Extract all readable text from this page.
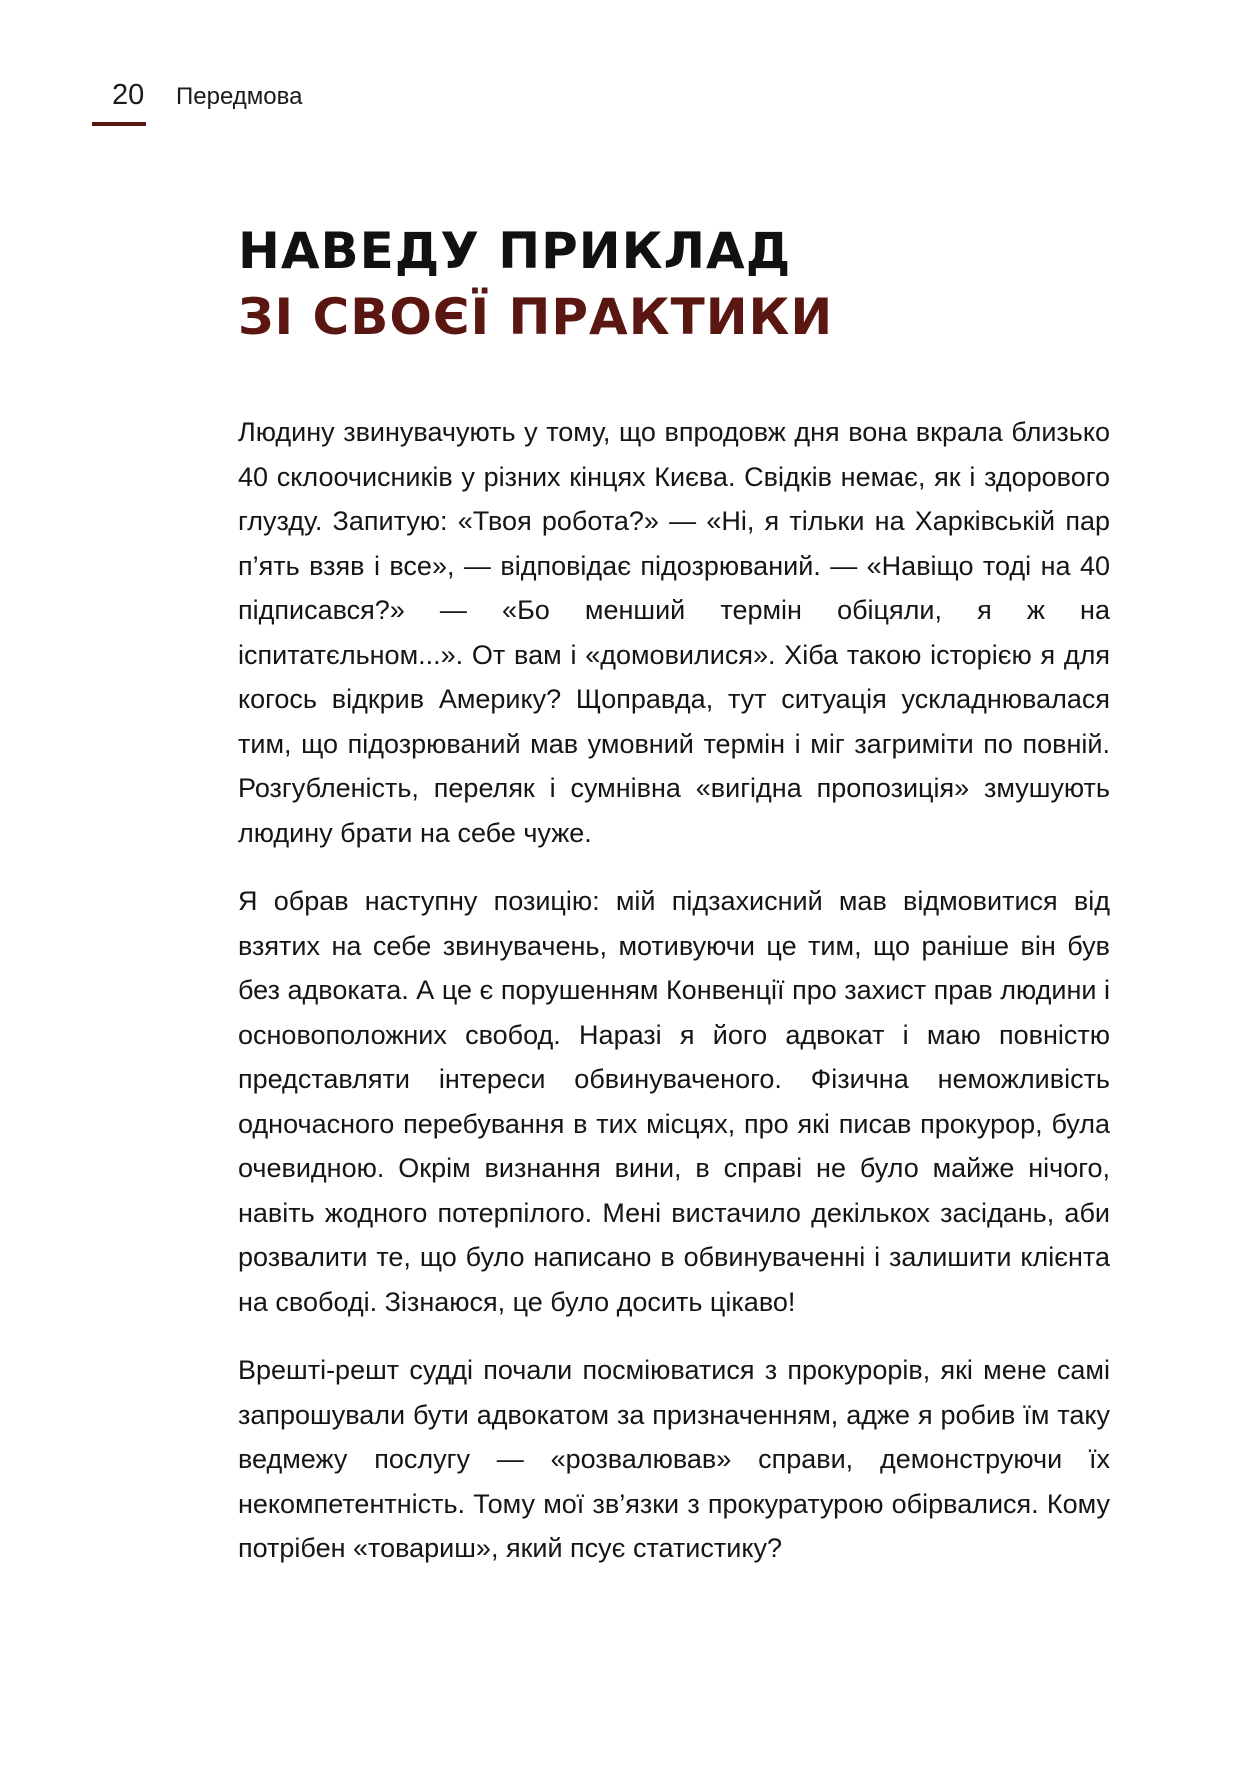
20 Передмова
НАВЕДУ ПРИКЛАД
ЗІ СВОЄЇ ПРАКТИКИ

Людину звинувачують у тому, що впродовж дня вона вкрала близько 40 склоочисників у різних кінцях Києва. Свідків немає, як і здорового глузду. Запитую: «Твоя робота?» — «Ні, я тільки на Харківській пар п’ять взяв і все», — відповідає підозрюваний. — «Навіщо тоді на 40 підписався?» — «Бо менший термін обіцяли, я ж на іспитатєльном...». От вам і «домовилися». Хіба такою історією я для когось відкрив Америку? Щоправда, тут ситуація ускладнювалася тим, що підозрюваний мав умовний термін і міг загриміти по повній. Розгубленість, переляк і сумнівна «вигідна пропозиція» змушують людину брати на себе чуже.

Я обрав наступну позицію: мій підзахисний мав відмовитися від взятих на себе звинувачень, мотивуючи це тим, що раніше він був без адвоката. А це є порушенням Конвенції про захист прав людини і основоположних свобод. Наразі я його адвокат і маю повністю представляти інтереси обвинуваченого. Фізична неможливість одночасного перебування в тих місцях, про які писав прокурор, була очевидною. Окрім визнання вини, в справі не було майже нічого, навіть жодного потерпілого. Мені вистачило декількох засідань, аби розвалити те, що було написано в обвинуваченні і залишити клієнта на свободі. Зізнаюся, це було досить цікаво!

Врешті-решт судді почали посміюватися з прокурорів, які мене самі запрошували бути адвокатом за призначенням, адже я робив їм таку ведмежу послугу — «розвалював» справи, демонструючи їх некомпетентність. Тому мої зв’язки з прокуратурою обірвалися. Кому потрібен «товариш», який псує статистику?
